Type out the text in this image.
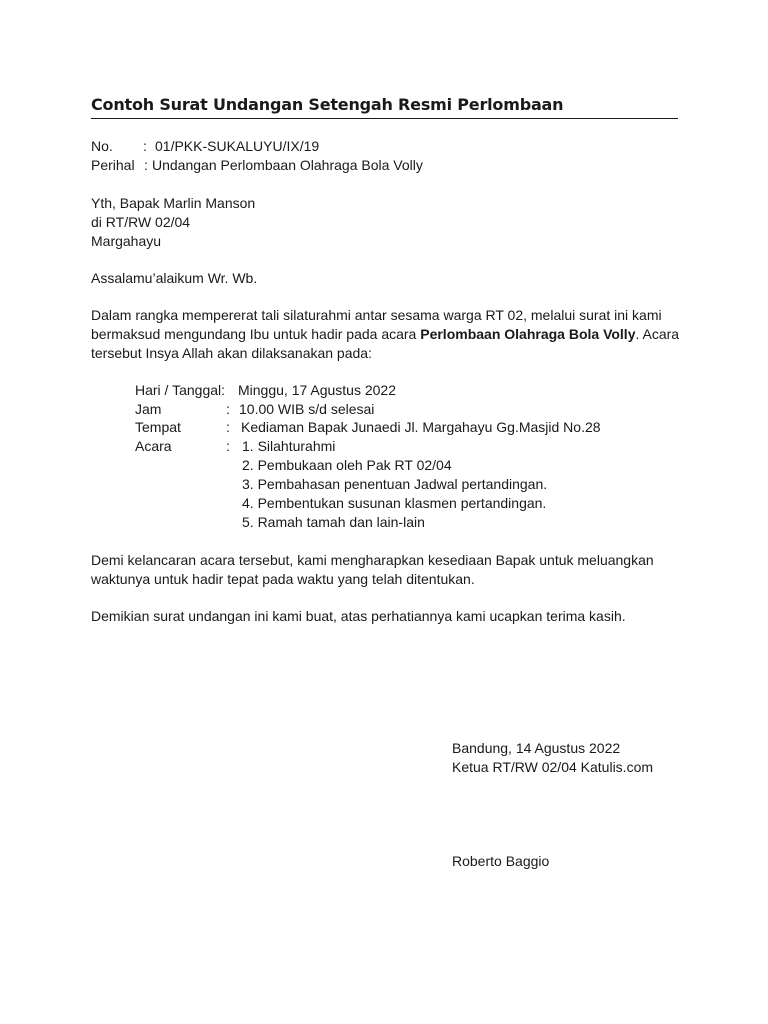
Contoh Surat Undangan Setengah Resmi Perlombaan
No. : 01/PKK-SUKALUYU/IX/19
Perihal : Undangan Perlombaan Olahraga Bola Volly
Yth, Bapak Marlin Manson
di RT/RW 02/04
Margahayu
Assalamu’alaikum Wr. Wb.
Dalam rangka mempererat tali silaturahmi antar sesama warga RT 02, melalui surat ini kami
bermaksud mengundang Ibu untuk hadir pada acara Perlombaan Olahraga Bola Volly. Acara
tersebut Insya Allah akan dilaksanakan pada:
Hari / Tanggal: Minggu, 17 Agustus 2022
Jam	: 10.00 WIB s/d selesai
Tempat	: Kediaman Bapak Junaedi Jl. Margahayu Gg.Masjid No.28
Acara	: 1. Silahturahmi
2. Pembukaan oleh Pak RT 02/04
3. Pembahasan penentuan Jadwal pertandingan.
4. Pembentukan susunan klasmen pertandingan.
5. Ramah tamah dan lain-lain
Demi kelancaran acara tersebut, kami mengharapkan kesediaan Bapak untuk meluangkan
waktunya untuk hadir tepat pada waktu yang telah ditentukan.
Demikian surat undangan ini kami buat, atas perhatiannya kami ucapkan terima kasih.
Bandung, 14 Agustus 2022
Ketua RT/RW 02/04 Katulis.com
Roberto Baggio
